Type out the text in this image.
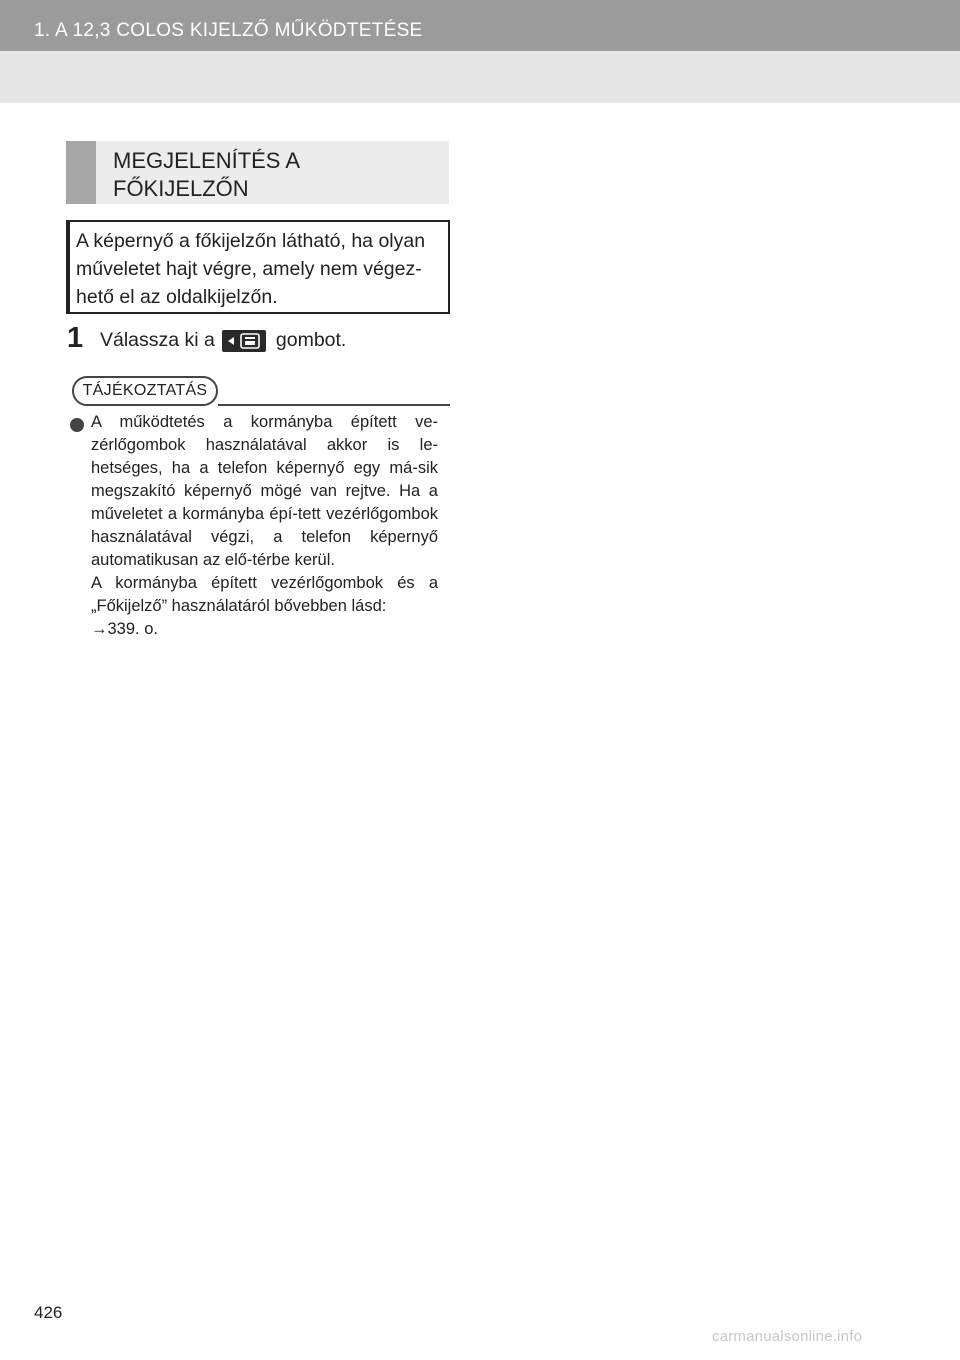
1. A 12,3 COLOS KIJELZŐ MŰKÖDTETÉSE
MEGJELENÍTÉS A FŐKIJELZŐN
A képernyő a főkijelzőn látható, ha olyan műveletet hajt végre, amely nem végez-hető el az oldalkijelzőn.
1 Válassza ki a	gombot.
TÁJÉKOZTATÁS

A működtetés a kormányba épített ve-zérlőgombok használatával akkor is le-hetséges, ha a telefon képernyő egy má-sik megszakító képernyő mögé van rejtve. Ha a műveletet a kormányba épí-tett vezérlőgombok használatával végzi, a telefon képernyő automatikusan az elő-térbe kerül.

A kormányba épített vezérlőgombok és a „Főkijelző” használatáról bővebben lásd:

→339. o.

426
carmanualsonline.info
